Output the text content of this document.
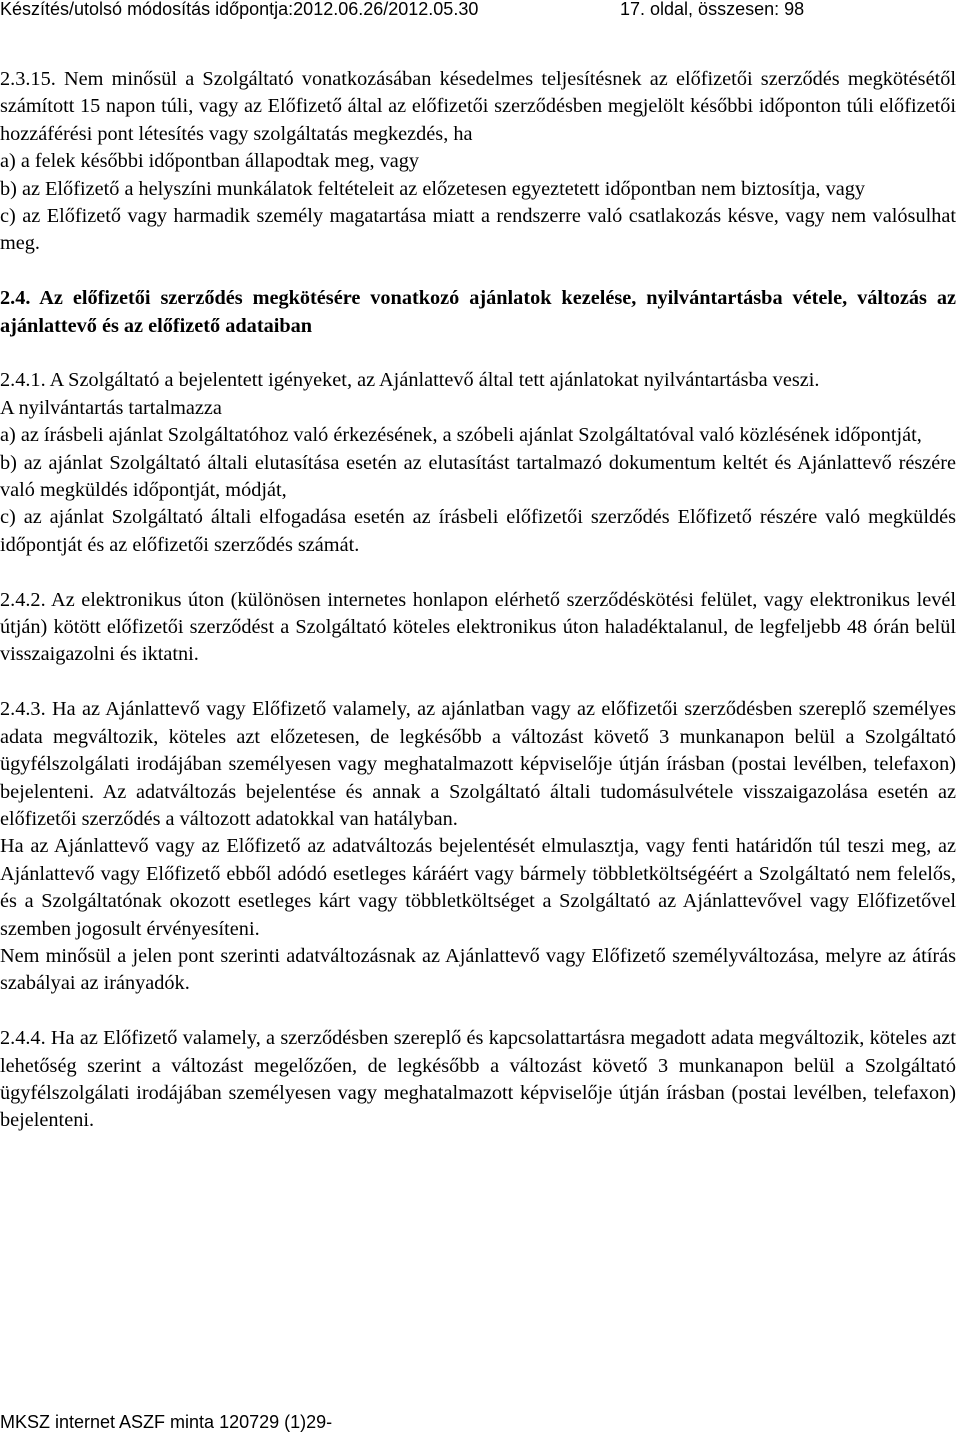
Készítés/utolsó módosítás időpontja:2012.06.26/2012.05.30	17. oldal, összesen: 98

2.3.15. Nem minősül a Szolgáltató vonatkozásában késedelmes teljesítésnek az előfizetői szerződés megkötésétől számított 15 napon túli, vagy az Előfizető által az előfizetői szerződésben megjelölt későbbi időponton túli előfizetői hozzáférési pont létesítés vagy szolgáltatás megkezdés, ha

a) a felek későbbi időpontban állapodtak meg, vagy

b) az Előfizető a helyszíni munkálatok feltételeit az előzetesen egyeztetett időpontban nem biztosítja, vagy

c) az Előfizető vagy harmadik személy magatartása miatt a rendszerre való csatlakozás késve, vagy nem valósulhat meg.

2.4. Az előfizetői szerződés megkötésére vonatkozó ajánlatok kezelése, nyilvántartásba vétele, változás az ajánlattevő és az előfizető adataiban

2.4.1. A Szolgáltató a bejelentett igényeket, az Ajánlattevő által tett ajánlatokat nyilvántartásba veszi.

A nyilvántartás tartalmazza

a) az írásbeli ajánlat Szolgáltatóhoz való érkezésének, a szóbeli ajánlat Szolgáltatóval való közlésének időpontját,

b) az ajánlat Szolgáltató általi elutasítása esetén az elutasítást tartalmazó dokumentum keltét és Ajánlattevő részére való megküldés időpontját, módját,

c) az ajánlat Szolgáltató általi elfogadása esetén az írásbeli előfizetői szerződés Előfizető részére való megküldés időpontját és az előfizetői szerződés számát.

2.4.2. Az elektronikus úton (különösen internetes honlapon elérhető szerződéskötési felület, vagy elektronikus levél útján) kötött előfizetői szerződést a Szolgáltató köteles elektronikus úton haladéktalanul, de legfeljebb 48 órán belül visszaigazolni és iktatni.

2.4.3. Ha az Ajánlattevő vagy Előfizető valamely, az ajánlatban vagy az előfizetői szerződésben szereplő személyes adata megváltozik, köteles azt előzetesen, de legkésőbb a változást követő 3 munkanapon belül a Szolgáltató ügyfélszolgálati irodájában személyesen vagy meghatalmazott képviselője útján írásban (postai levélben, telefaxon) bejelenteni. Az adatváltozás bejelentése és annak a Szolgáltató általi tudomásulvétele visszaigazolása esetén az előfizetői szerződés a változott adatokkal van hatályban.

Ha az Ajánlattevő vagy az Előfizető az adatváltozás bejelentését elmulasztja, vagy fenti határidőn túl teszi meg, az Ajánlattevő vagy Előfizető ebből adódó esetleges káráért vagy bármely többletköltségéért a Szolgáltató nem felelős, és a Szolgáltatónak okozott esetleges kárt vagy többletköltséget a Szolgáltató az Ajánlattevővel vagy Előfizetővel szemben jogosult érvényesíteni.

Nem minősül a jelen pont szerinti adatváltozásnak az Ajánlattevő vagy Előfizető személyváltozása, melyre az átírás szabályai az irányadók.

2.4.4. Ha az Előfizető valamely, a szerződésben szereplő és kapcsolattartásra megadott adata megváltozik, köteles azt lehetőség szerint a változást megelőzően, de legkésőbb a változást követő 3 munkanapon belül a Szolgáltató ügyfélszolgálati irodájában személyesen vagy meghatalmazott képviselője útján írásban (postai levélben, telefaxon) bejelenteni.

MKSZ internet ASZF minta 120729 (1)29-
